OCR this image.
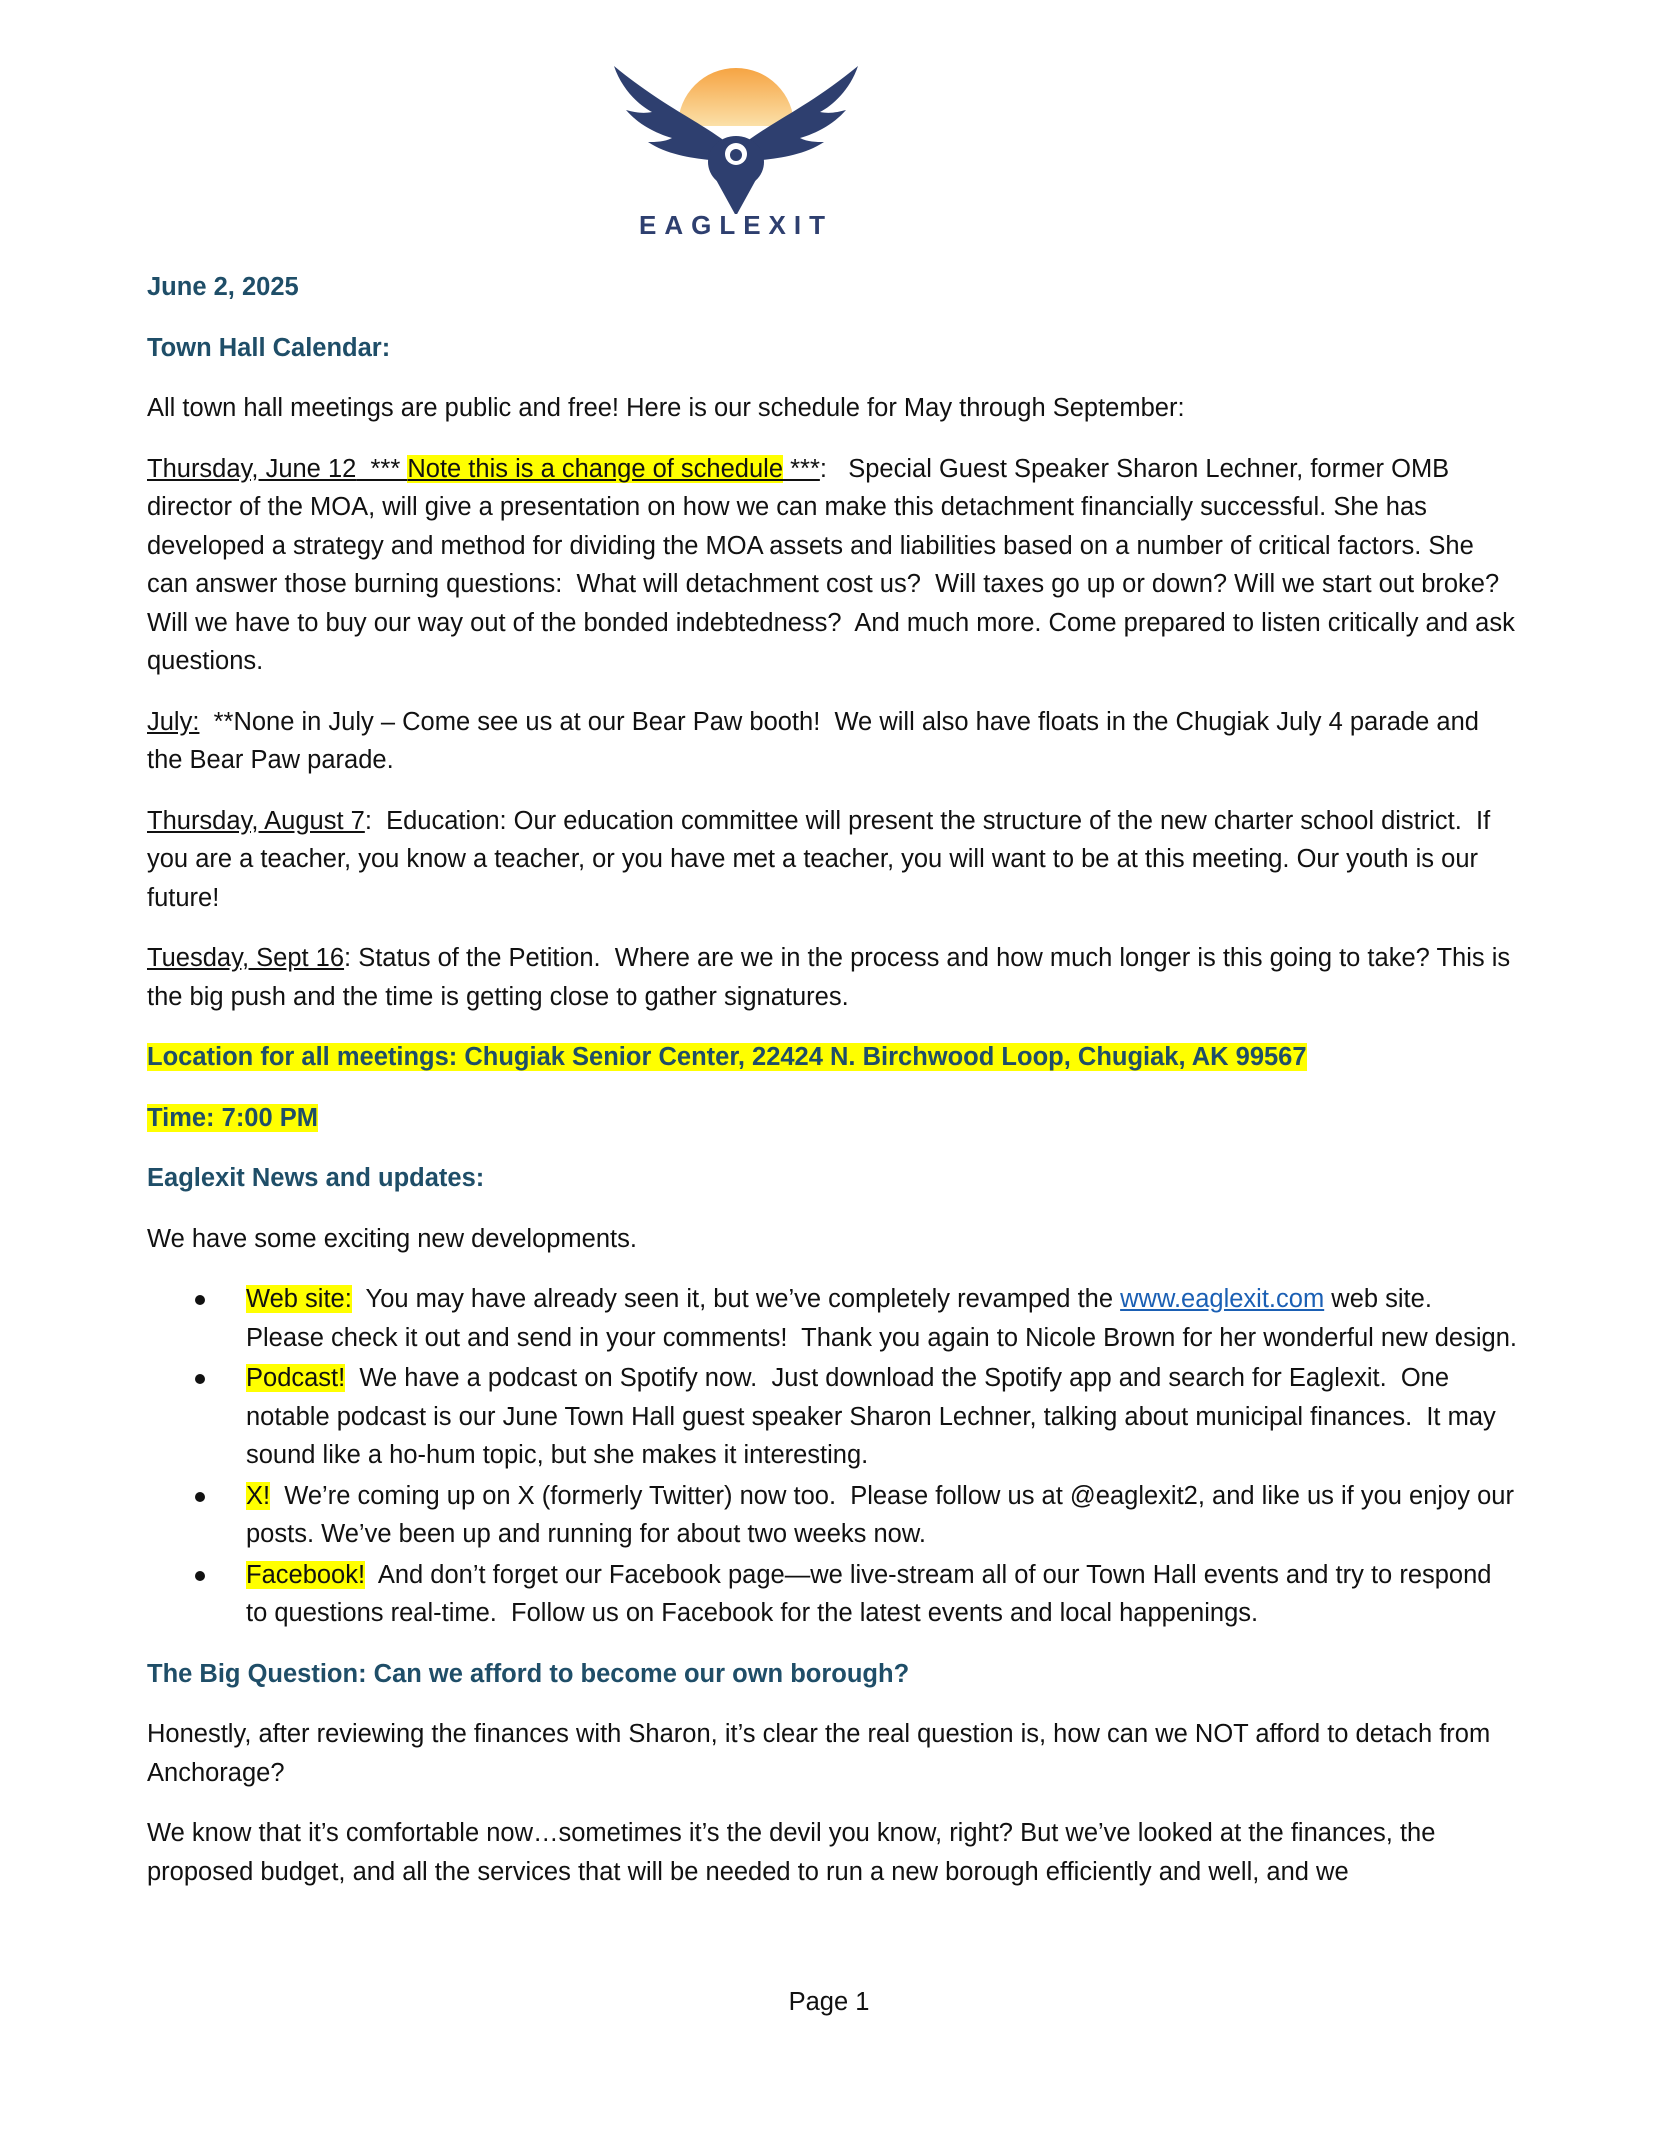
EAGLEXIT

June 2, 2025

Town Hall Calendar:

All town hall meetings are public and free! Here is our schedule for May through September:

Thursday, June 12  *** Note this is a change of schedule ***:   Special Guest Speaker Sharon Lechner, former OMB director of the MOA, will give a presentation on how we can make this detachment financially successful. She has developed a strategy and method for dividing the MOA assets and liabilities based on a number of critical factors. She can answer those burning questions:  What will detachment cost us?  Will taxes go up or down? Will we start out broke? Will we have to buy our way out of the bonded indebtedness?  And much more. Come prepared to listen critically and ask questions.

July:  **None in July – Come see us at our Bear Paw booth!  We will also have floats in the Chugiak July 4 parade and the Bear Paw parade.

Thursday, August 7:  Education: Our education committee will present the structure of the new charter school district.  If you are a teacher, you know a teacher, or you have met a teacher, you will want to be at this meeting. Our youth is our future!

Tuesday, Sept 16: Status of the Petition.  Where are we in the process and how much longer is this going to take? This is the big push and the time is getting close to gather signatures.

Location for all meetings: Chugiak Senior Center, 22424 N. Birchwood Loop, Chugiak, AK 99567

Time: 7:00 PM

Eaglexit News and updates:

We have some exciting new developments.

Web site:  You may have already seen it, but we’ve completely revamped the www.eaglexit.com web site.  Please check it out and send in your comments!  Thank you again to Nicole Brown for her wonderful new design.
Podcast!  We have a podcast on Spotify now.  Just download the Spotify app and search for Eaglexit.  One notable podcast is our June Town Hall guest speaker Sharon Lechner, talking about municipal finances.  It may sound like a ho-hum topic, but she makes it interesting.
X!  We’re coming up on X (formerly Twitter) now too.  Please follow us at @eaglexit2, and like us if you enjoy our posts. We’ve been up and running for about two weeks now.
Facebook!  And don’t forget our Facebook page—we live-stream all of our Town Hall events and try to respond to questions real-time.  Follow us on Facebook for the latest events and local happenings.

The Big Question: Can we afford to become our own borough?

Honestly, after reviewing the finances with Sharon, it’s clear the real question is, how can we NOT afford to detach from Anchorage?

We know that it’s comfortable now…sometimes it’s the devil you know, right? But we’ve looked at the finances, the proposed budget, and all the services that will be needed to run a new borough efficiently and well, and we

Page 1
